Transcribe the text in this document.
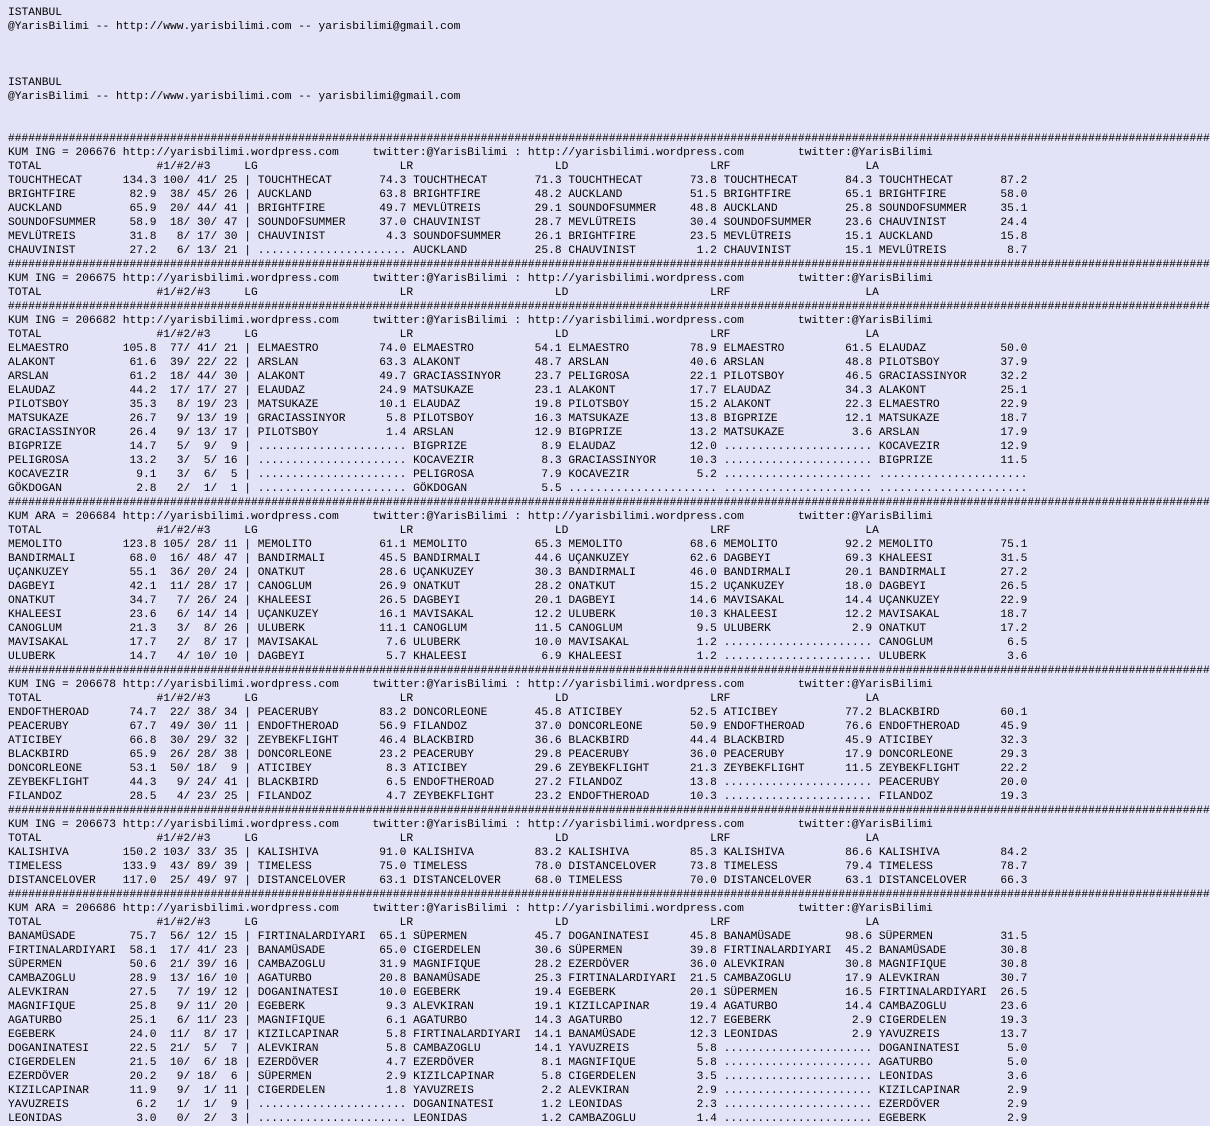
ISTANBUL
@YarisBilimi -- http://www.yarisbilimi.com -- yarisbilimi@gmail.com

ISTANBUL
@YarisBilimi -- http://www.yarisbilimi.com -- yarisbilimi@gmail.com

##################################################################################################################################################################################
KUM ING = 206676 http://yarisbilimi.wordpress.com     twitter:@YarisBilimi : http://yarisbilimi.wordpress.com        twitter:@YarisBilimi
TOTAL                 #1/#2/#3     LG                     LR                     LD                     LRF                    LA
TOUCHTHECAT      134.3 100/ 41/ 25 | TOUCHTHECAT       74.3 TOUCHTHECAT       71.3 TOUCHTHECAT       73.8 TOUCHTHECAT       84.3 TOUCHTHECAT       87.2
BRIGHTFIRE        82.9  38/ 45/ 26 | AUCKLAND          63.8 BRIGHTFIRE        48.2 AUCKLAND          51.5 BRIGHTFIRE        65.1 BRIGHTFIRE        58.0
AUCKLAND          65.9  20/ 44/ 41 | BRIGHTFIRE        49.7 MEVLÜTREIS        29.1 SOUNDOFSUMMER     48.8 AUCKLAND          25.8 SOUNDOFSUMMER     35.1
SOUNDOFSUMMER     58.9  18/ 30/ 47 | SOUNDOFSUMMER     37.0 CHAUVINIST        28.7 MEVLÜTREIS        30.4 SOUNDOFSUMMER     23.6 CHAUVINIST        24.4
MEVLÜTREIS        31.8   8/ 17/ 30 | CHAUVINIST         4.3 SOUNDOFSUMMER     26.1 BRIGHTFIRE        23.5 MEVLÜTREIS        15.1 AUCKLAND          15.8
CHAUVINIST        27.2   6/ 13/ 21 | ...................... AUCKLAND          25.8 CHAUVINIST         1.2 CHAUVINIST        15.1 MEVLÜTREIS         8.7
##################################################################################################################################################################################
KUM ING = 206675 http://yarisbilimi.wordpress.com     twitter:@YarisBilimi : http://yarisbilimi.wordpress.com        twitter:@YarisBilimi
TOTAL                 #1/#2/#3     LG                     LR                     LD                     LRF                    LA
##################################################################################################################################################################################
KUM ING = 206682 http://yarisbilimi.wordpress.com     twitter:@YarisBilimi : http://yarisbilimi.wordpress.com        twitter:@YarisBilimi
TOTAL                 #1/#2/#3     LG                     LR                     LD                     LRF                    LA
ELMAESTRO        105.8  77/ 41/ 21 | ELMAESTRO         74.0 ELMAESTRO         54.1 ELMAESTRO         78.9 ELMAESTRO         61.5 ELAUDAZ           50.0
ALAKONT           61.6  39/ 22/ 22 | ARSLAN            63.3 ALAKONT           48.7 ARSLAN            40.6 ARSLAN            48.8 PILOTSBOY         37.9
ARSLAN            61.2  18/ 44/ 30 | ALAKONT           49.7 GRACIASSINYOR     23.7 PELIGROSA         22.1 PILOTSBOY         46.5 GRACIASSINYOR     32.2
ELAUDAZ           44.2  17/ 17/ 27 | ELAUDAZ           24.9 MATSUKAZE         23.1 ALAKONT           17.7 ELAUDAZ           34.3 ALAKONT           25.1
PILOTSBOY         35.3   8/ 19/ 23 | MATSUKAZE         10.1 ELAUDAZ           19.8 PILOTSBOY         15.2 ALAKONT           22.3 ELMAESTRO         22.9
MATSUKAZE         26.7   9/ 13/ 19 | GRACIASSINYOR      5.8 PILOTSBOY         16.3 MATSUKAZE         13.8 BIGPRIZE          12.1 MATSUKAZE         18.7
GRACIASSINYOR     26.4   9/ 13/ 17 | PILOTSBOY          1.4 ARSLAN            12.9 BIGPRIZE          13.2 MATSUKAZE          3.6 ARSLAN            17.9
BIGPRIZE          14.7   5/  9/  9 | ...................... BIGPRIZE           8.9 ELAUDAZ           12.0 ...................... KOCAVEZIR         12.9
PELIGROSA         13.2   3/  5/ 16 | ...................... KOCAVEZIR          8.3 GRACIASSINYOR     10.3 ...................... BIGPRIZE          11.5
KOCAVEZIR          9.1   3/  6/  5 | ...................... PELIGROSA          7.9 KOCAVEZIR          5.2 ...................... ......................
GÖKDOGAN           2.8   2/  1/  1 | ...................... GÖKDOGAN           5.5 ...................... ...................... ......................
##################################################################################################################################################################################
KUM ARA = 206684 http://yarisbilimi.wordpress.com     twitter:@YarisBilimi : http://yarisbilimi.wordpress.com        twitter:@YarisBilimi
TOTAL                 #1/#2/#3     LG                     LR                     LD                     LRF                    LA
MEMOLITO         123.8 105/ 28/ 11 | MEMOLITO          61.1 MEMOLITO          65.3 MEMOLITO          68.6 MEMOLITO          92.2 MEMOLITO          75.1
BANDIRMALI        68.0  16/ 48/ 47 | BANDIRMALI        45.5 BANDIRMALI        44.6 UÇANKUZEY         62.6 DAGBEYI           69.3 KHALEESI          31.5
UÇANKUZEY         55.1  36/ 20/ 24 | ONATKUT           28.6 UÇANKUZEY         30.3 BANDIRMALI        46.0 BANDIRMALI        20.1 BANDIRMALI        27.2
DAGBEYI           42.1  11/ 28/ 17 | CANOGLUM          26.9 ONATKUT           28.2 ONATKUT           15.2 UÇANKUZEY         18.0 DAGBEYI           26.5
ONATKUT           34.7   7/ 26/ 24 | KHALEESI          26.5 DAGBEYI           20.1 DAGBEYI           14.6 MAVISAKAL         14.4 UÇANKUZEY         22.9
KHALEESI          23.6   6/ 14/ 14 | UÇANKUZEY         16.1 MAVISAKAL         12.2 ULUBERK           10.3 KHALEESI          12.2 MAVISAKAL         18.7
CANOGLUM          21.3   3/  8/ 26 | ULUBERK           11.1 CANOGLUM          11.5 CANOGLUM           9.5 ULUBERK            2.9 ONATKUT           17.2
MAVISAKAL         17.7   2/  8/ 17 | MAVISAKAL          7.6 ULUBERK           10.0 MAVISAKAL          1.2 ...................... CANOGLUM           6.5
ULUBERK           14.7   4/ 10/ 10 | DAGBEYI            5.7 KHALEESI           6.9 KHALEESI           1.2 ...................... ULUBERK            3.6
##################################################################################################################################################################################
KUM ING = 206678 http://yarisbilimi.wordpress.com     twitter:@YarisBilimi : http://yarisbilimi.wordpress.com        twitter:@YarisBilimi
TOTAL                 #1/#2/#3     LG                     LR                     LD                     LRF                    LA
ENDOFTHEROAD      74.7  22/ 38/ 34 | PEACERUBY         83.2 DONCORLEONE       45.8 ATICIBEY          52.5 ATICIBEY          77.2 BLACKBIRD         60.1
PEACERUBY         67.7  49/ 30/ 11 | ENDOFTHEROAD      56.9 FILANDOZ          37.0 DONCORLEONE       50.9 ENDOFTHEROAD      76.6 ENDOFTHEROAD      45.9
ATICIBEY          66.8  30/ 29/ 32 | ZEYBEKFLIGHT      46.4 BLACKBIRD         36.6 BLACKBIRD         44.4 BLACKBIRD         45.9 ATICIBEY          32.3
BLACKBIRD         65.9  26/ 28/ 38 | DONCORLEONE       23.2 PEACERUBY         29.8 PEACERUBY         36.0 PEACERUBY         17.9 DONCORLEONE       29.3
DONCORLEONE       53.1  50/ 18/  9 | ATICIBEY           8.3 ATICIBEY          29.6 ZEYBEKFLIGHT      21.3 ZEYBEKFLIGHT      11.5 ZEYBEKFLIGHT      22.2
ZEYBEKFLIGHT      44.3   9/ 24/ 41 | BLACKBIRD          6.5 ENDOFTHEROAD      27.2 FILANDOZ          13.8 ...................... PEACERUBY         20.0
FILANDOZ          28.5   4/ 23/ 25 | FILANDOZ           4.7 ZEYBEKFLIGHT      23.2 ENDOFTHEROAD      10.3 ...................... FILANDOZ          19.3
##################################################################################################################################################################################
KUM ING = 206673 http://yarisbilimi.wordpress.com     twitter:@YarisBilimi : http://yarisbilimi.wordpress.com        twitter:@YarisBilimi
TOTAL                 #1/#2/#3     LG                     LR                     LD                     LRF                    LA
KALISHIVA        150.2 103/ 33/ 35 | KALISHIVA         91.0 KALISHIVA         83.2 KALISHIVA         85.3 KALISHIVA         86.6 KALISHIVA         84.2
TIMELESS         133.9  43/ 89/ 39 | TIMELESS          75.0 TIMELESS          78.0 DISTANCELOVER     73.8 TIMELESS          79.4 TIMELESS          78.7
DISTANCELOVER    117.0  25/ 49/ 97 | DISTANCELOVER     63.1 DISTANCELOVER     68.0 TIMELESS          70.0 DISTANCELOVER     63.1 DISTANCELOVER     66.3
##################################################################################################################################################################################
KUM ARA = 206686 http://yarisbilimi.wordpress.com     twitter:@YarisBilimi : http://yarisbilimi.wordpress.com        twitter:@YarisBilimi
TOTAL                 #1/#2/#3     LG                     LR                     LD                     LRF                    LA
BANAMÜSADE        75.7  56/ 12/ 15 | FIRTINALARDIYARI  65.1 SÜPERMEN          45.7 DOGANINATESI      45.8 BANAMÜSADE        98.6 SÜPERMEN          31.5
FIRTINALARDIYARI  58.1  17/ 41/ 23 | BANAMÜSADE        65.0 CIGERDELEN        30.6 SÜPERMEN          39.8 FIRTINALARDIYARI  45.2 BANAMÜSADE        30.8
SÜPERMEN          50.6  21/ 39/ 16 | CAMBAZOGLU        31.9 MAGNIFIQUE        28.2 EZERDÖVER         36.0 ALEVKIRAN         30.8 MAGNIFIQUE        30.8
CAMBAZOGLU        28.9  13/ 16/ 10 | AGATURBO          20.8 BANAMÜSADE        25.3 FIRTINALARDIYARI  21.5 CAMBAZOGLU        17.9 ALEVKIRAN         30.7
ALEVKIRAN         27.5   7/ 19/ 12 | DOGANINATESI      10.0 EGEBERK           19.4 EGEBERK           20.1 SÜPERMEN          16.5 FIRTINALARDIYARI  26.5
MAGNIFIQUE        25.8   9/ 11/ 20 | EGEBERK            9.3 ALEVKIRAN         19.1 KIZILCAPINAR      19.4 AGATURBO          14.4 CAMBAZOGLU        23.6
AGATURBO          25.1   6/ 11/ 23 | MAGNIFIQUE         6.1 AGATURBO          14.3 AGATURBO          12.7 EGEBERK            2.9 CIGERDELEN        19.3
EGEBERK           24.0  11/  8/ 17 | KIZILCAPINAR       5.8 FIRTINALARDIYARI  14.1 BANAMÜSADE        12.3 LEONIDAS           2.9 YAVUZREIS         13.7
DOGANINATESI      22.5  21/  5/  7 | ALEVKIRAN          5.8 CAMBAZOGLU        14.1 YAVUZREIS          5.8 ...................... DOGANINATESI       5.0
CIGERDELEN        21.5  10/  6/ 18 | EZERDÖVER          4.7 EZERDÖVER          8.1 MAGNIFIQUE         5.8 ...................... AGATURBO           5.0
EZERDÖVER         20.2   9/ 18/  6 | SÜPERMEN           2.9 KIZILCAPINAR       5.8 CIGERDELEN         3.5 ...................... LEONIDAS           3.6
KIZILCAPINAR      11.9   9/  1/ 11 | CIGERDELEN         1.8 YAVUZREIS          2.2 ALEVKIRAN          2.9 ...................... KIZILCAPINAR       2.9
YAVUZREIS          6.2   1/  1/  9 | ...................... DOGANINATESI       1.2 LEONIDAS           2.3 ...................... EZERDÖVER          2.9
LEONIDAS           3.0   0/  2/  3 | ...................... LEONIDAS           1.2 CAMBAZOGLU         1.4 ...................... EGEBERK            2.9
